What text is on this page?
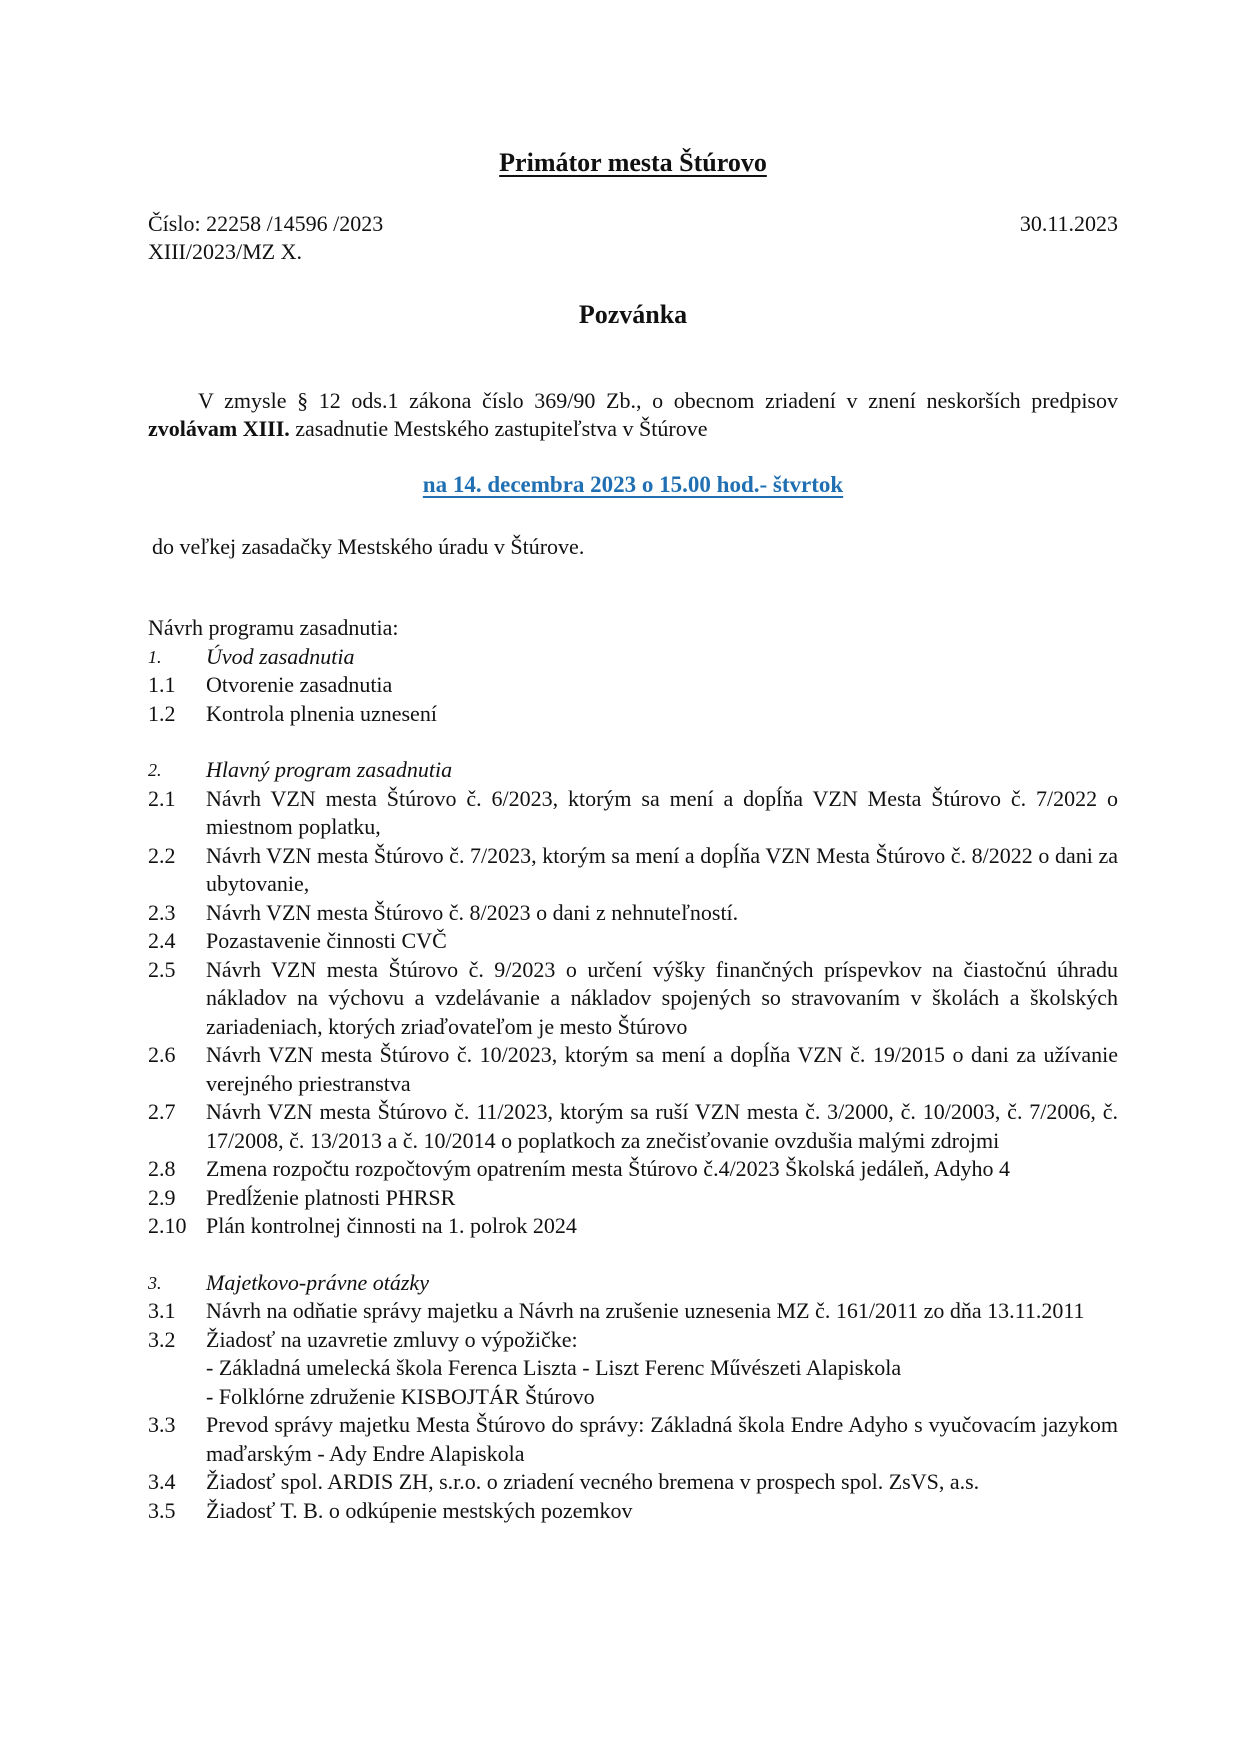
Primátor mesta Štúrovo
Číslo: 22258 /14596 /2023	30.11.2023
XIII/2023/MZ X.
Pozvánka
V zmysle § 12 ods.1 zákona číslo 369/90 Zb., o obecnom zriadení v znení neskorších predpisov zvolávam XIII. zasadnutie Mestského zastupiteľstva v Štúrove
na 14. decembra 2023 o 15.00 hod.- štvrtok
do veľkej zasadačky Mestského úradu v Štúrove.
Návrh programu zasadnutia:
1.	Úvod zasadnutia
1.1	Otvorenie zasadnutia
1.2	Kontrola plnenia uznesení
2.	Hlavný program zasadnutia
2.1	Návrh VZN mesta Štúrovo č. 6/2023, ktorým sa mení a dopĺňa VZN Mesta Štúrovo č. 7/2022 o miestnom poplatku,
2.2	Návrh VZN mesta Štúrovo č. 7/2023, ktorým sa mení a dopĺňa VZN Mesta Štúrovo č. 8/2022 o dani za ubytovanie,
2.3	Návrh VZN mesta Štúrovo č. 8/2023 o dani z nehnuteľností.
2.4	Pozastavenie činnosti CVČ
2.5	Návrh VZN mesta Štúrovo č. 9/2023 o určení výšky finančných príspevkov na čiastočnú úhradu nákladov na výchovu a vzdelávanie a nákladov spojených so stravovaním v školách a školských zariadeniach, ktorých zriaďovateľom je mesto Štúrovo
2.6	Návrh VZN mesta Štúrovo č. 10/2023, ktorým sa mení a dopĺňa VZN č. 19/2015 o dani za užívanie verejného priestranstva
2.7	Návrh VZN mesta Štúrovo č. 11/2023, ktorým sa ruší VZN mesta č. 3/2000, č. 10/2003, č. 7/2006, č. 17/2008, č. 13/2013 a č. 10/2014 o poplatkoch za znečisťovanie ovzdušia malými zdrojmi
2.8	Zmena rozpočtu rozpočtovým opatrením mesta Štúrovo č.4/2023 Školská jedáleň, Adyho 4
2.9	Predĺženie platnosti PHRSR
2.10 Plán kontrolnej činnosti na 1. polrok 2024
3.	Majetkovo-právne otázky
3.1	Návrh na odňatie správy majetku a Návrh na zrušenie uznesenia MZ č. 161/2011 zo dňa 13.11.2011
3.2	Žiadosť na uzavretie zmluvy o výpožičke:
- Základná umelecká škola Ferenca Liszta - Liszt Ferenc Művészeti Alapiskola
- Folklórne združenie KISBOJTÁR Štúrovo
3.3	Prevod správy majetku Mesta Štúrovo do správy: Základná škola Endre Adyho s vyučovacím jazykom maďarským - Ady Endre Alapiskola
3.4	Žiadosť spol. ARDIS ZH, s.r.o. o zriadení vecného bremena v prospech spol. ZsVS, a.s.
3.5	Žiadosť T. B. o odkúpenie mestských pozemkov
